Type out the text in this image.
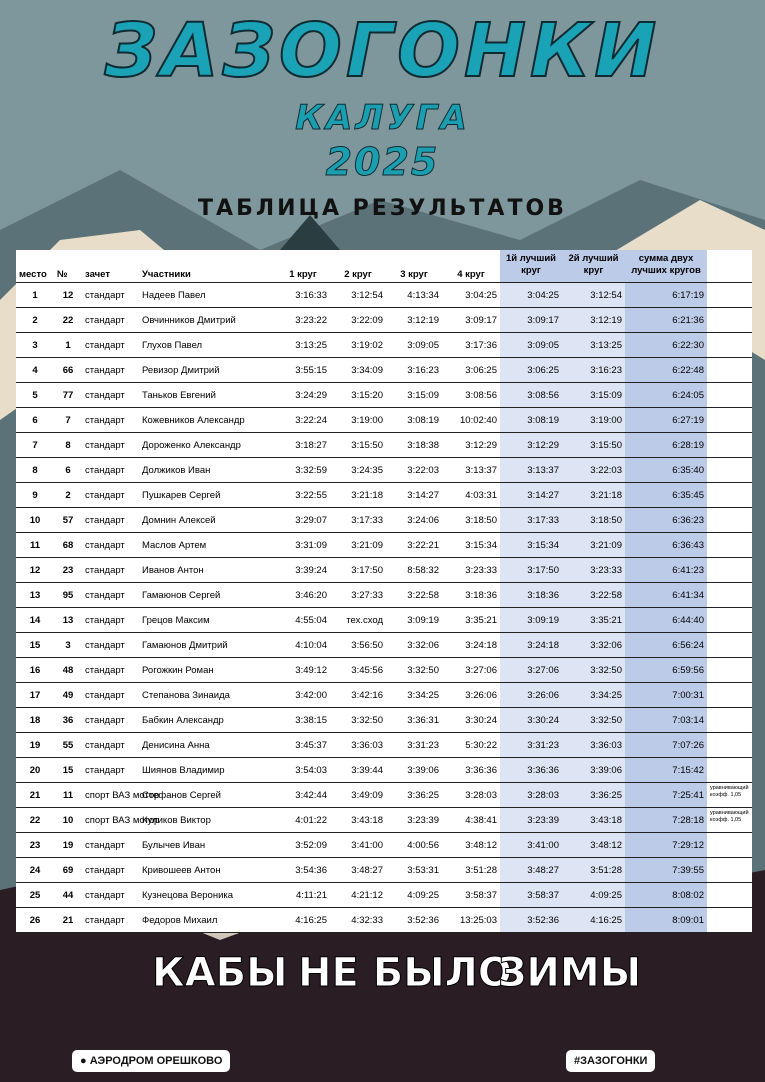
ЗАЗОГОНКИ
КАЛУГА
2025
ТАБЛИЦА РЕЗУЛЬТАТОВ
место	№	зачет	Участники	1 круг	2 круг	3 круг	4 круг	1й лучший круг	2й лучший круг	сумма двух лучших кругов	
1	12	стандарт	Надеев Павел	3:16:33	3:12:54	4:13:34	3:04:25	3:04:25	3:12:54	6:17:19	
2	22	стандарт	Овчинников Дмитрий	3:23:22	3:22:09	3:12:19	3:09:17	3:09:17	3:12:19	6:21:36	
3	1	стандарт	Глухов Павел	3:13:25	3:19:02	3:09:05	3:17:36	3:09:05	3:13:25	6:22:30	
4	66	стандарт	Ревизор Дмитрий	3:55:15	3:34:09	3:16:23	3:06:25	3:06:25	3:16:23	6:22:48	
5	77	стандарт	Таньков Евгений	3:24:29	3:15:20	3:15:09	3:08:56	3:08:56	3:15:09	6:24:05	
6	7	стандарт	Кожевников Александр	3:22:24	3:19:00	3:08:19	10:02:40	3:08:19	3:19:00	6:27:19	
7	8	стандарт	Дороженко Александр	3:18:27	3:15:50	3:18:38	3:12:29	3:12:29	3:15:50	6:28:19	
8	6	стандарт	Должиков Иван	3:32:59	3:24:35	3:22:03	3:13:37	3:13:37	3:22:03	6:35:40	
9	2	стандарт	Пушкарев Сергей	3:22:55	3:21:18	3:14:27	4:03:31	3:14:27	3:21:18	6:35:45	
10	57	стандарт	Домнин Алексей	3:29:07	3:17:33	3:24:06	3:18:50	3:17:33	3:18:50	6:36:23	
11	68	стандарт	Маслов Артем	3:31:09	3:21:09	3:22:21	3:15:34	3:15:34	3:21:09	6:36:43	
12	23	стандарт	Иванов Антон	3:39:24	3:17:50	8:58:32	3:23:33	3:17:50	3:23:33	6:41:23	
13	95	стандарт	Гамаюнов Сергей	3:46:20	3:27:33	3:22:58	3:18:36	3:18:36	3:22:58	6:41:34	
14	13	стандарт	Грецов Максим	4:55:04	тех.сход	3:09:19	3:35:21	3:09:19	3:35:21	6:44:40	
15	3	стандарт	Гамаюнов Дмитрий	4:10:04	3:56:50	3:32:06	3:24:18	3:24:18	3:32:06	6:56:24	
16	48	стандарт	Рогожкин Роман	3:49:12	3:45:56	3:32:50	3:27:06	3:27:06	3:32:50	6:59:56	
17	49	стандарт	Степанова Зинаида	3:42:00	3:42:16	3:34:25	3:26:06	3:26:06	3:34:25	7:00:31	
18	36	стандарт	Бабкин Александр	3:38:15	3:32:50	3:36:31	3:30:24	3:30:24	3:32:50	7:03:14	
19	55	стандарт	Денисина Анна	3:45:37	3:36:03	3:31:23	5:30:22	3:31:23	3:36:03	7:07:26	
20	15	стандарт	Шиянов Владимир	3:54:03	3:39:44	3:39:06	3:36:36	3:36:36	3:39:06	7:15:42	
21	11	спорт ВАЗ мотор	Стефанов Сергей	3:42:44	3:49:09	3:36:25	3:28:03	3:28:03	3:36:25	7:25:41	уравнивающий коэфф. 1,05
22	10	спорт ВАЗ мотор	Куликов Виктор	4:01:22	3:43:18	3:23:39	4:38:41	3:23:39	3:43:18	7:28:18	уравнивающий коэфф. 1,05
23	19	стандарт	Булычев Иван	3:52:09	3:41:00	4:00:56	3:48:12	3:41:00	3:48:12	7:29:12	
24	69	стандарт	Кривошеев Антон	3:54:36	3:48:27	3:53:31	3:51:28	3:48:27	3:51:28	7:39:55	
25	44	стандарт	Кузнецова Вероника	4:11:21	4:21:12	4:09:25	3:58:37	3:58:37	4:09:25	8:08:02	
26	21	стандарт	Федоров Михаил	4:16:25	4:32:33	3:52:36	13:25:03	3:52:36	4:16:25	8:09:01	
КАБЫ НЕ БЫЛО
ЗИМЫ
● АЭРОДРОМ ОРЕШКОВО	#ЗАЗОГОНКИ
